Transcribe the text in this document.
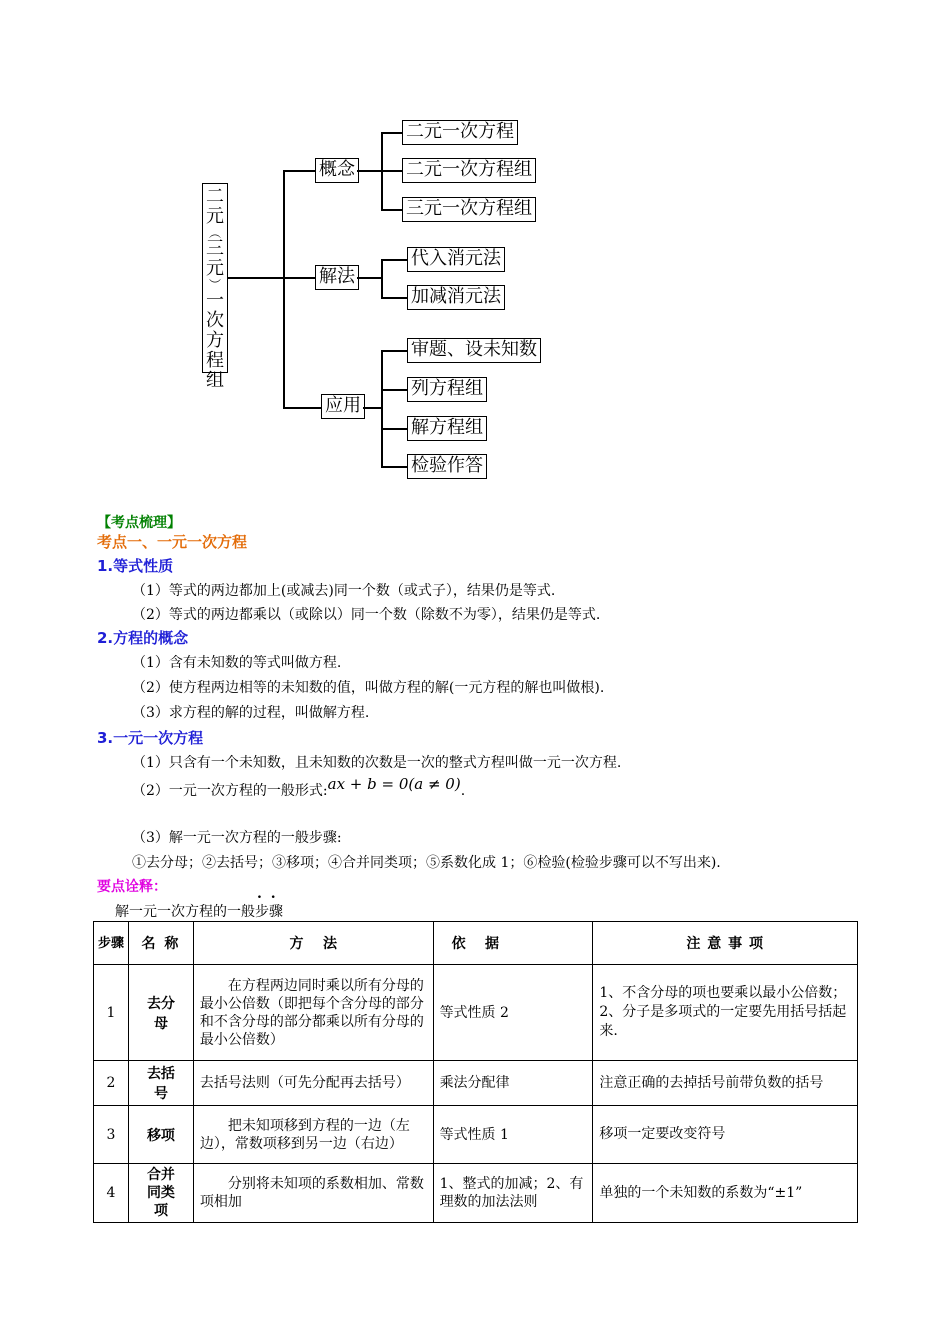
二
元
︵
三
元
︶
一
次
方
程
组
概念
二元一次方程
二元一次方程组
三元一次方程组
解法
代入消元法
加减消元法
应用
审题、设未知数
列方程组
解方程组
检验作答
【考点梳理】
考点一、一元一次方程
1.等式性质
（1）等式的两边都加上(或减去)同一个数（或式子），结果仍是等式.
（2）等式的两边都乘以（或除以）同一个数（除数不为零），结果仍是等式.
2.方程的概念
（1）含有未知数的等式叫做方程.
（2）使方程两边相等的未知数的值，叫做方程的解(一元方程的解也叫做根).
（3）求方程的解的过程，叫做解方程.
3.一元一次方程
（1）只含有一个未知数，且未知数的次数是一次的整式方程叫做一元一次方程.
（2）一元一次方程的一般形式:ax + b = 0(a ≠ 0).
（3）解一元一次方程的一般步骤:
①去分母；②去括号；③移项；④合并同类项；⑤系数化成 1；⑥检验(检验步骤可以不写出来).
要点诠释：	. .
解一元一次方程的一般步骤
步骤	名 称	方    法	依    据	注 意 事 项
1	去分母	在方程两边同时乘以所有分母的最小公倍数（即把每个含分母的部分和不含分母的部分都乘以所有分母的最小公倍数）	等式性质 2	1、不含分母的项也要乘以最小公倍数；2、分子是多项式的一定要先用括号括起来.
2	去括号	去括号法则（可先分配再去括号）	乘法分配律	注意正确的去掉括号前带负数的括号
3	移项	把未知项移到方程的一边（左边），常数项移到另一边（右边）	等式性质 1	移项一定要改变符号
4	合并同类项	分别将未知项的系数相加、常数项相加	1、整式的加减；2、有理数的加法法则	单独的一个未知数的系数为“±1”
